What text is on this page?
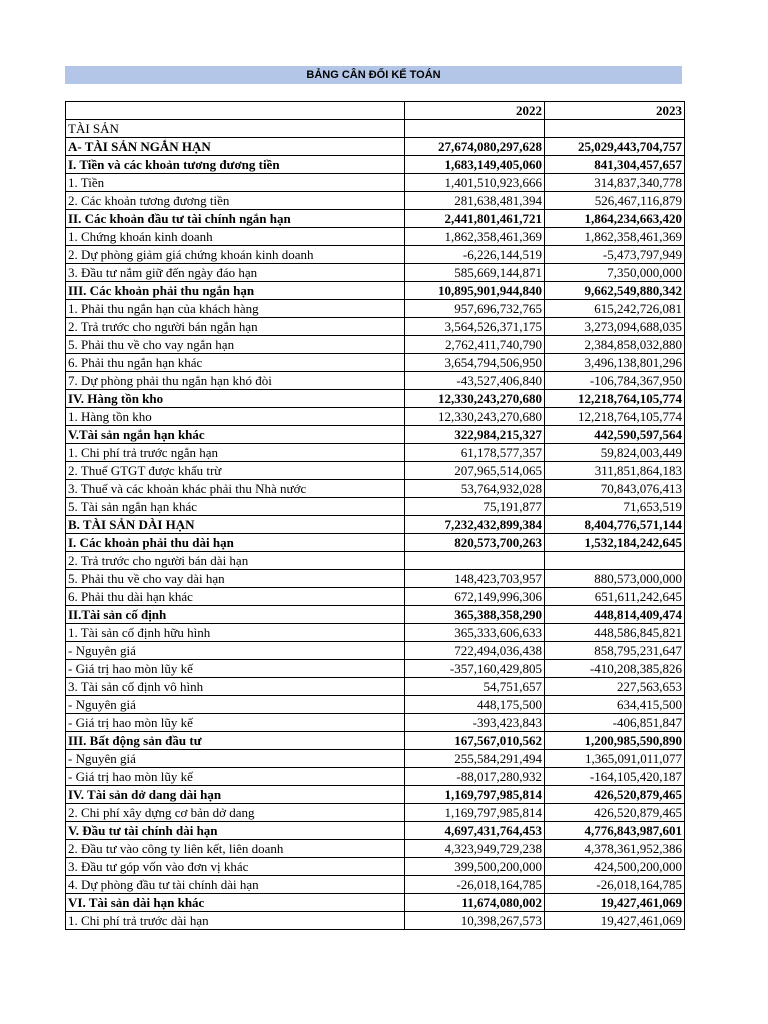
BẢNG CÂN ĐỐI KẾ TOÁN
	2022	2023
TÀI SẢN		
A- TÀI SẢN NGẮN HẠN	27,674,080,297,628	25,029,443,704,757
I. Tiền và các khoản tương đương tiền	1,683,149,405,060	841,304,457,657
1. Tiền	1,401,510,923,666	314,837,340,778
2. Các khoản tương đương tiền	281,638,481,394	526,467,116,879
II. Các khoản đầu tư tài chính ngắn hạn	2,441,801,461,721	1,864,234,663,420
1. Chứng khoán kinh doanh	1,862,358,461,369	1,862,358,461,369
2. Dự phòng giảm giá chứng khoán kinh doanh	-6,226,144,519	-5,473,797,949
3. Đầu tư nắm giữ đến ngày đáo hạn	585,669,144,871	7,350,000,000
III. Các khoản phải thu ngắn hạn	10,895,901,944,840	9,662,549,880,342
1. Phải thu ngắn hạn của khách hàng	957,696,732,765	615,242,726,081
2. Trả trước cho người bán ngắn hạn	3,564,526,371,175	3,273,094,688,035
5. Phải thu về cho vay ngắn hạn	2,762,411,740,790	2,384,858,032,880
6. Phải thu ngắn hạn khác	3,654,794,506,950	3,496,138,801,296
7. Dự phòng phải thu ngắn hạn khó đòi	-43,527,406,840	-106,784,367,950
IV. Hàng tồn kho	12,330,243,270,680	12,218,764,105,774
1. Hàng tồn kho	12,330,243,270,680	12,218,764,105,774
V.Tài sản ngắn hạn khác	322,984,215,327	442,590,597,564
1. Chi phí trả trước ngắn hạn	61,178,577,357	59,824,003,449
2. Thuế GTGT được khấu trừ	207,965,514,065	311,851,864,183
3. Thuế và các khoản khác phải thu Nhà nước	53,764,932,028	70,843,076,413
5. Tài sản ngắn hạn khác	75,191,877	71,653,519
B. TÀI SẢN DÀI HẠN	7,232,432,899,384	8,404,776,571,144
I. Các khoản phải thu dài hạn	820,573,700,263	1,532,184,242,645
2. Trả trước cho người bán dài hạn		
5. Phải thu về cho vay dài hạn	148,423,703,957	880,573,000,000
6. Phải thu dài hạn khác	672,149,996,306	651,611,242,645
II.Tài sản cố định	365,388,358,290	448,814,409,474
1. Tài sản cố định hữu hình	365,333,606,633	448,586,845,821
- Nguyên giá	722,494,036,438	858,795,231,647
- Giá trị hao mòn lũy kế	-357,160,429,805	-410,208,385,826
3. Tài sản cố định vô hình	54,751,657	227,563,653
- Nguyên giá	448,175,500	634,415,500
- Giá trị hao mòn lũy kế	-393,423,843	-406,851,847
III. Bất động sản đầu tư	167,567,010,562	1,200,985,590,890
- Nguyên giá	255,584,291,494	1,365,091,011,077
- Giá trị hao mòn lũy kế	-88,017,280,932	-164,105,420,187
IV. Tài sản dở dang dài hạn	1,169,797,985,814	426,520,879,465
2. Chi phí xây dựng cơ bản dở dang	1,169,797,985,814	426,520,879,465
V. Đầu tư tài chính dài hạn	4,697,431,764,453	4,776,843,987,601
2. Đầu tư vào công ty liên kết, liên doanh	4,323,949,729,238	4,378,361,952,386
3. Đầu tư góp vốn vào đơn vị khác	399,500,200,000	424,500,200,000
4. Dự phòng đầu tư tài chính dài hạn	-26,018,164,785	-26,018,164,785
VI. Tài sản dài hạn khác	11,674,080,002	19,427,461,069
1. Chi phí trả trước dài hạn	10,398,267,573	19,427,461,069
